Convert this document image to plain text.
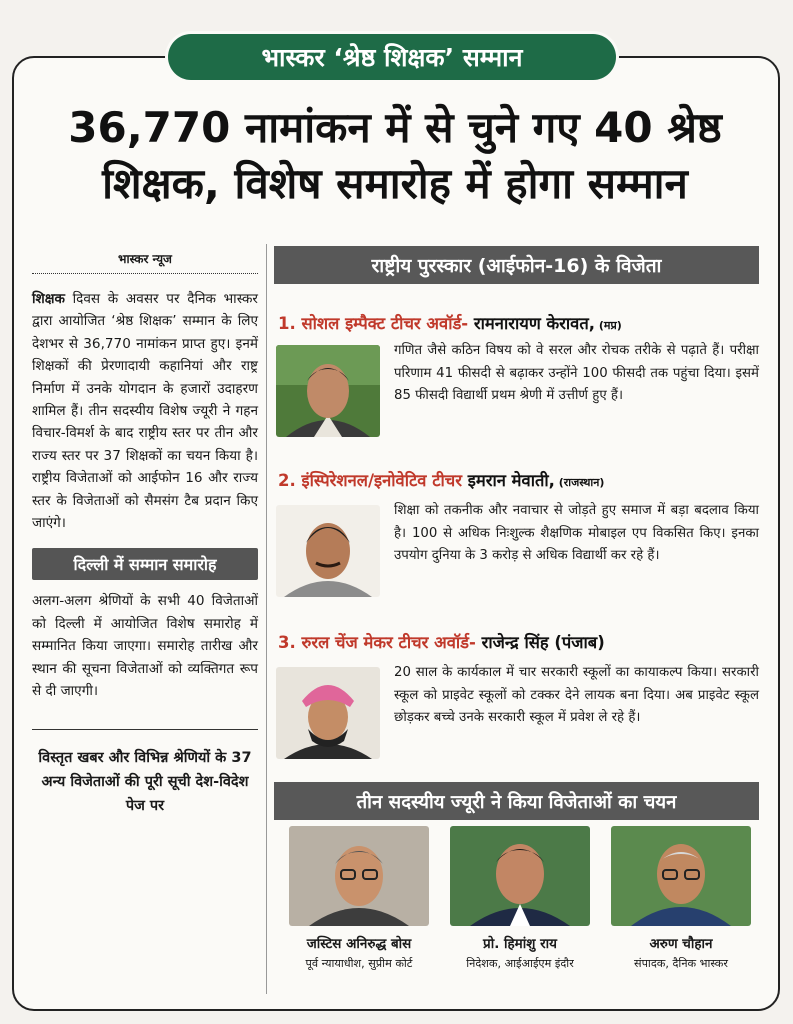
भास्कर ‘श्रेष्ठ शिक्षक’ सम्मान
36,770 नामांकन में से चुने गए 40 श्रेष्ठ
शिक्षक, विशेष समारोह में होगा सम्मान
भास्कर न्यूज
शिक्षक दिवस के अवसर पर दैनिक भास्कर द्वारा आयोजित ‘श्रेष्ठ शिक्षक’ सम्मान के लिए देशभर से 36,770 नामांकन प्राप्त हुए। इनमें शिक्षकों की प्रेरणादायी कहानियां और राष्ट्र निर्माण में उनके योगदान के हजारों उदाहरण शामिल हैं। तीन सदस्यीय विशेष ज्यूरी ने गहन विचार-विमर्श के बाद राष्ट्रीय स्तर पर तीन और राज्य स्तर पर 37 शिक्षकों का चयन किया है। राष्ट्रीय विजेताओं को आईफोन 16 और राज्य स्तर के विजेताओं को सैमसंग टैब प्रदान किए जाएंगे।
दिल्ली में सम्मान समारोह
अलग-अलग श्रेणियों के सभी 40 विजेताओं को दिल्ली में आयोजित विशेष समारोह में सम्मानित किया जाएगा। समारोह तारीख और स्थान की सूचना विजेताओं को व्यक्तिगत रूप से दी जाएगी।
विस्तृत खबर और विभिन्न श्रेणियों के 37 अन्य विजेताओं की पूरी सूची देश-विदेश पेज पर
राष्ट्रीय पुरस्कार (आईफोन-16) के विजेता
1. सोशल इम्पैक्ट टीचर अवॉर्ड- रामनारायण केरावत, (मप्र)
गणित जैसे कठिन विषय को वे सरल और रोचक तरीके से पढ़ाते हैं। परीक्षा परिणाम 41 फीसदी से बढ़ाकर उन्होंने 100 फीसदी तक पहुंचा दिया। इसमें 85 फीसदी विद्यार्थी प्रथम श्रेणी में उत्तीर्ण हुए हैं।
2. इंस्पिरेशनल/इनोवेटिव टीचर इमरान मेवाती, (राजस्थान)
शिक्षा को तकनीक और नवाचार से जोड़ते हुए समाज में बड़ा बदलाव किया है। 100 से अधिक निःशुल्क शैक्षणिक मोबाइल एप विकसित किए। इनका उपयोग दुनिया के 3 करोड़ से अधिक विद्यार्थी कर रहे हैं।
3. रुरल चेंज मेकर टीचर अवॉर्ड- राजेन्द्र सिंह (पंजाब)
20 साल के कार्यकाल में चार सरकारी स्कूलों का कायाकल्प किया। सरकारी स्कूल को प्राइवेट स्कूलों को टक्कर देने लायक बना दिया। अब प्राइवेट स्कूल छोड़कर बच्चे उनके सरकारी स्कूल में प्रवेश ले रहे हैं।
तीन सदस्यीय ज्यूरी ने किया विजेताओं का चयन
जस्टिस अनिरुद्ध बोस
पूर्व न्यायाधीश, सुप्रीम कोर्ट
प्रो. हिमांशु राय
निदेशक, आईआईएम इंदौर
अरुण चौहान
संपादक, दैनिक भास्कर
